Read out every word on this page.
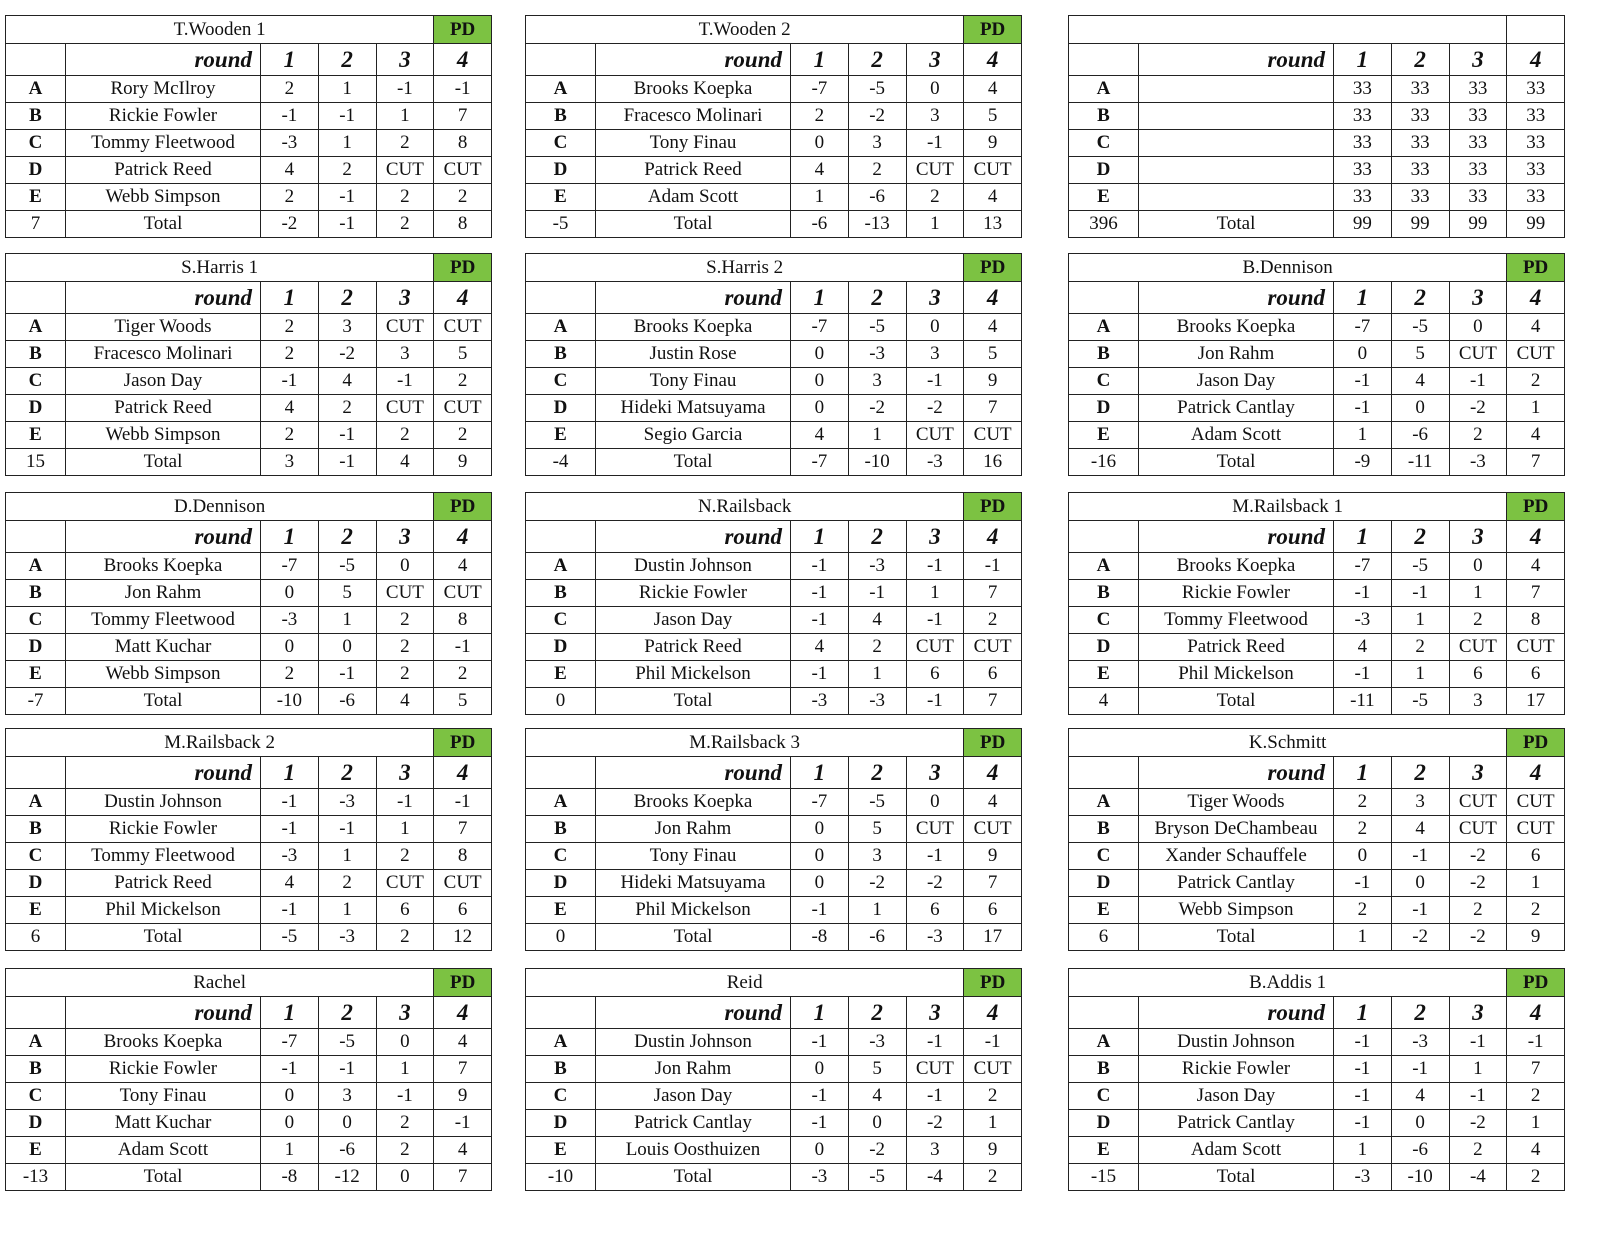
T.Wooden 1					PD
	round	1	2	3	4
A	Rory McIlroy	2	1	-1	-1
B	Rickie Fowler	-1	-1	1	7
C	Tommy Fleetwood	-3	1	2	8
D	Patrick Reed	4	2	CUT	CUT
E	Webb Simpson	2	-1	2	2
7	Total	-2	-1	2	8
T.Wooden 2					PD
	round	1	2	3	4
A	Brooks Koepka	-7	-5	0	4
B	Fracesco Molinari	2	-2	3	5
C	Tony Finau	0	3	-1	9
D	Patrick Reed	4	2	CUT	CUT
E	Adam Scott	1	-6	2	4
-5	Total	-6	-13	1	13

	round	1	2	3	4
A		33	33	33	33
B		33	33	33	33
C		33	33	33	33
D		33	33	33	33
E		33	33	33	33
396	Total	99	99	99	99
S.Harris 1					PD
	round	1	2	3	4
A	Tiger Woods	2	3	CUT	CUT
B	Fracesco Molinari	2	-2	3	5
C	Jason Day	-1	4	-1	2
D	Patrick Reed	4	2	CUT	CUT
E	Webb Simpson	2	-1	2	2
15	Total	3	-1	4	9
S.Harris 2					PD
	round	1	2	3	4
A	Brooks Koepka	-7	-5	0	4
B	Justin Rose	0	-3	3	5
C	Tony Finau	0	3	-1	9
D	Hideki Matsuyama	0	-2	-2	7
E	Segio Garcia	4	1	CUT	CUT
-4	Total	-7	-10	-3	16
B.Dennison					PD
	round	1	2	3	4
A	Brooks Koepka	-7	-5	0	4
B	Jon Rahm	0	5	CUT	CUT
C	Jason Day	-1	4	-1	2
D	Patrick Cantlay	-1	0	-2	1
E	Adam Scott	1	-6	2	4
-16	Total	-9	-11	-3	7
D.Dennison					PD
	round	1	2	3	4
A	Brooks Koepka	-7	-5	0	4
B	Jon Rahm	0	5	CUT	CUT
C	Tommy Fleetwood	-3	1	2	8
D	Matt Kuchar	0	0	2	-1
E	Webb Simpson	2	-1	2	2
-7	Total	-10	-6	4	5
N.Railsback					PD
	round	1	2	3	4
A	Dustin Johnson	-1	-3	-1	-1
B	Rickie Fowler	-1	-1	1	7
C	Jason Day	-1	4	-1	2
D	Patrick Reed	4	2	CUT	CUT
E	Phil Mickelson	-1	1	6	6
0	Total	-3	-3	-1	7
M.Railsback 1					PD
	round	1	2	3	4
A	Brooks Koepka	-7	-5	0	4
B	Rickie Fowler	-1	-1	1	7
C	Tommy Fleetwood	-3	1	2	8
D	Patrick Reed	4	2	CUT	CUT
E	Phil Mickelson	-1	1	6	6
4	Total	-11	-5	3	17
M.Railsback 2					PD
	round	1	2	3	4
A	Dustin Johnson	-1	-3	-1	-1
B	Rickie Fowler	-1	-1	1	7
C	Tommy Fleetwood	-3	1	2	8
D	Patrick Reed	4	2	CUT	CUT
E	Phil Mickelson	-1	1	6	6
6	Total	-5	-3	2	12
M.Railsback 3					PD
	round	1	2	3	4
A	Brooks Koepka	-7	-5	0	4
B	Jon Rahm	0	5	CUT	CUT
C	Tony Finau	0	3	-1	9
D	Hideki Matsuyama	0	-2	-2	7
E	Phil Mickelson	-1	1	6	6
0	Total	-8	-6	-3	17
K.Schmitt					PD
	round	1	2	3	4
A	Tiger Woods	2	3	CUT	CUT
B	Bryson DeChambeau	2	4	CUT	CUT
C	Xander Schauffele	0	-1	-2	6
D	Patrick Cantlay	-1	0	-2	1
E	Webb Simpson	2	-1	2	2
6	Total	1	-2	-2	9
Rachel					PD
	round	1	2	3	4
A	Brooks Koepka	-7	-5	0	4
B	Rickie Fowler	-1	-1	1	7
C	Tony Finau	0	3	-1	9
D	Matt Kuchar	0	0	2	-1
E	Adam Scott	1	-6	2	4
-13	Total	-8	-12	0	7
Reid					PD
	round	1	2	3	4
A	Dustin Johnson	-1	-3	-1	-1
B	Jon Rahm	0	5	CUT	CUT
C	Jason Day	-1	4	-1	2
D	Patrick Cantlay	-1	0	-2	1
E	Louis Oosthuizen	0	-2	3	9
-10	Total	-3	-5	-4	2
B.Addis 1					PD
	round	1	2	3	4
A	Dustin Johnson	-1	-3	-1	-1
B	Rickie Fowler	-1	-1	1	7
C	Jason Day	-1	4	-1	2
D	Patrick Cantlay	-1	0	-2	1
E	Adam Scott	1	-6	2	4
-15	Total	-3	-10	-4	2
